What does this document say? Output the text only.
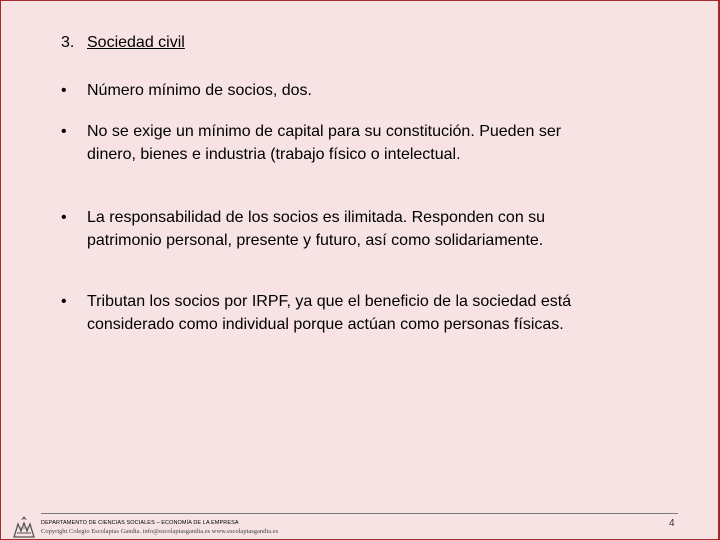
3. Sociedad civil
•	Número mínimo de socios, dos.
•	No se exige un mínimo de capital para su constitución. Pueden ser dinero, bienes e industria (trabajo físico o intelectual.
•	La responsabilidad de los socios es ilimitada. Responden con su patrimonio personal, presente y futuro, así como solidariamente.
•	Tributan los socios por IRPF, ya que el beneficio de la sociedad está considerado como individual porque actúan como personas físicas.
DEPARTAMENTO DE CIENCIAS SOCIALES – ECONOMÍA DE LA EMPRESA
Copyright Colegio Escolapias Gandia. info@escolapiasgandia.es www.escolapiasgandia.es
4
